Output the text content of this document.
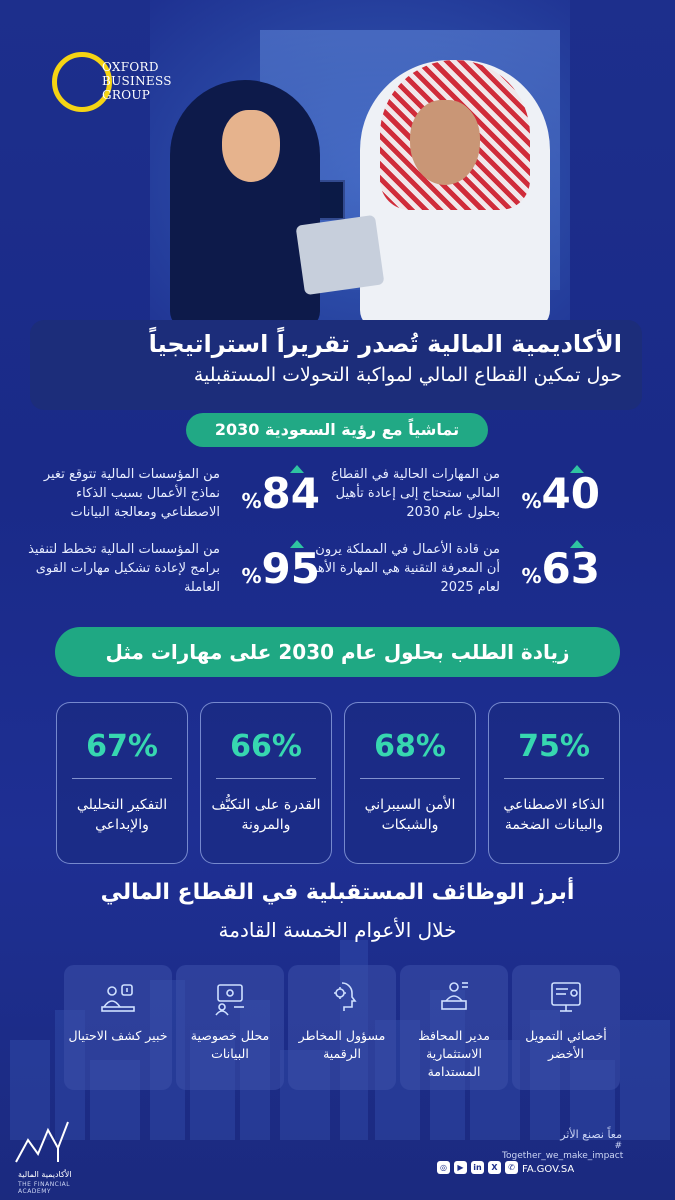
OXFORD
BUSINESS
GROUP
الأكاديمية المالية تُصدر تقريراً استراتيجياً
حول تمكين القطاع المالي لمواكبة التحولات المستقبلية
تماشياً مع رؤية السعودية 2030
%40
من المهارات الحالية في القطاع المالي ستحتاج إلى إعادة تأهيل بحلول عام 2030
%84
من المؤسسات المالية تتوقع تغير نماذج الأعمال بسبب الذكاء الاصطناعي ومعالجة البيانات
%63
من قادة الأعمال في المملكة يرون أن المعرفة التقنية هي المهارة الأهم لعام 2025
%95
من المؤسسات المالية تخطط لتنفيذ برامج لإعادة تشكيل مهارات القوى العاملة
زيادة الطلب بحلول عام 2030 على مهارات مثل
75%
الذكاء الاصطناعي والبيانات الضخمة
68%
الأمن السيبراني والشبكات
66%
القدرة على التكيُّف والمرونة
67%
التفكير التحليلي والإبداعي
أبرز الوظائف المستقبلية في القطاع المالي
خلال الأعوام الخمسة القادمة
أخصائي التمويل الأخضر
مدير المحافظ الاستثمارية المستدامة
مسؤول المخاطر الرقمية
محلل خصوصية البيانات
خبير كشف الاحتيال
معاً نصنع الأثر
# Together_we_make_impact
◎	▶	in	X	✆ FA.GOV.SA
الأكاديمية المالية
THE FINANCIAL ACADEMY
